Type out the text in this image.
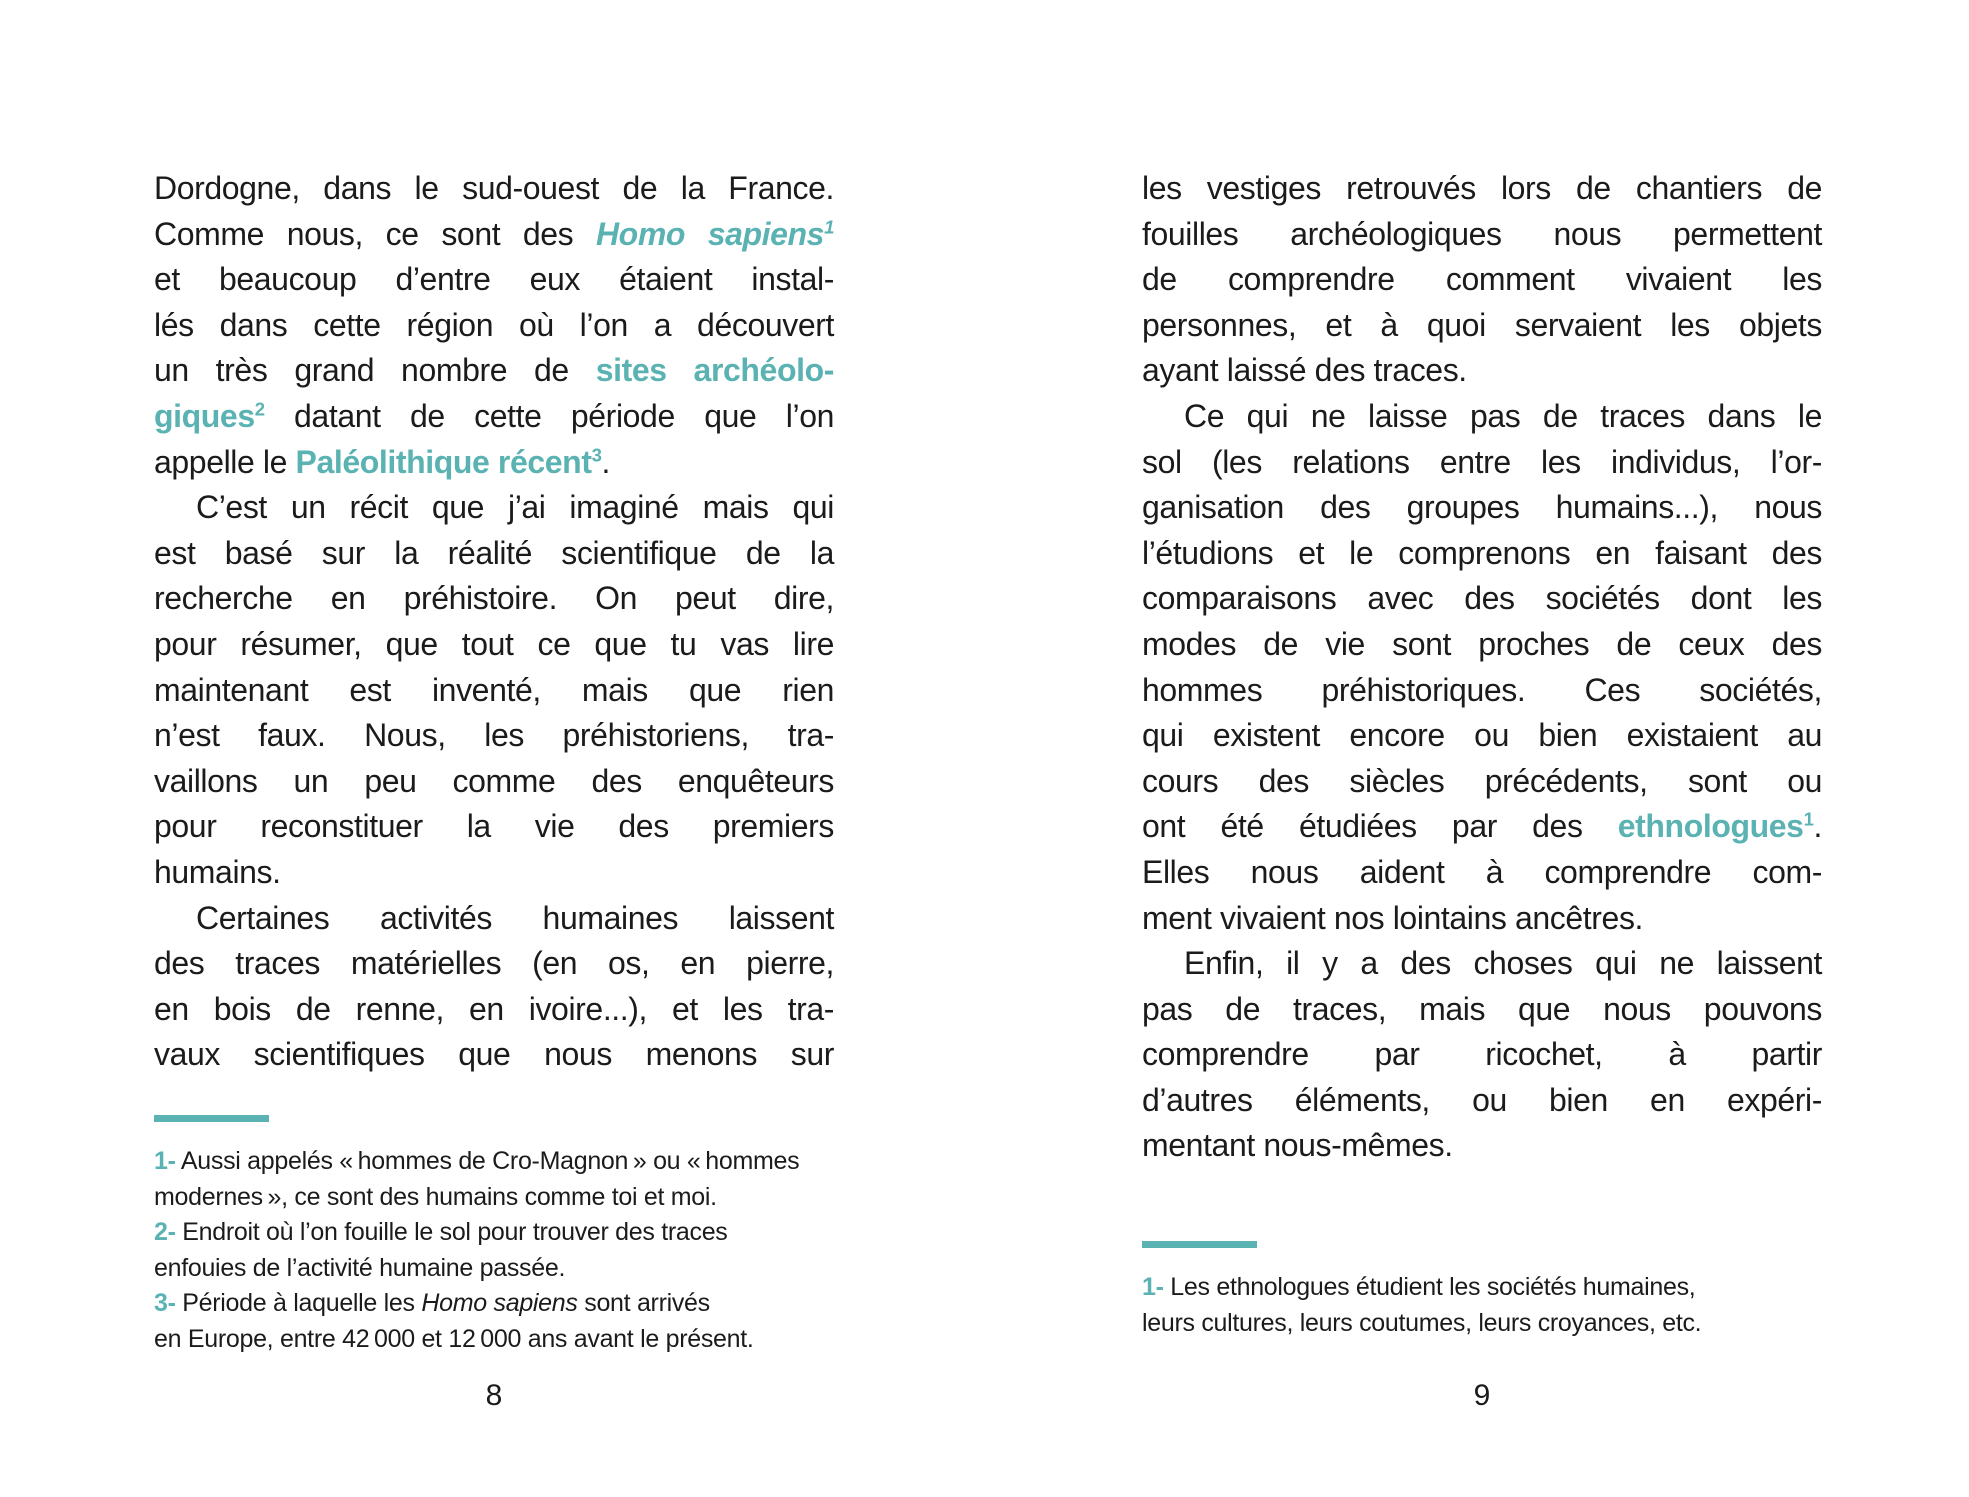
Dordogne, dans le sud-ouest de la France.
Comme nous, ce sont des Homo sapiens$^1$
et beaucoup d’entre eux étaient instal-
lés dans cette région où l’on a découvert
un très grand nombre de sites archéolo-
giques$^2$ datant de cette période que l’on
appelle le Paléolithique récent$^3$.
C’est un récit que j’ai imaginé mais qui
est basé sur la réalité scientifique de la
recherche en préhistoire. On peut dire,
pour résumer, que tout ce que tu vas lire
maintenant est inventé, mais que rien
n’est faux. Nous, les préhistoriens, tra-
vaillons un peu comme des enquêteurs
pour reconstituer la vie des premiers
humains.
Certaines activités humaines laissent
des traces matérielles (en os, en pierre,
en bois de renne, en ivoire...), et les tra-
vaux scientifiques que nous menons sur
1- Aussi appelés « hommes de Cro-Magnon » ou « hommes
modernes », ce sont des humains comme toi et moi.
2- Endroit où l’on fouille le sol pour trouver des traces
enfouies de l’activité humaine passée.
3- Période à laquelle les Homo sapiens sont arrivés
en Europe, entre 42 000 et 12 000 ans avant le présent.
8
les vestiges retrouvés lors de chantiers de
fouilles archéologiques nous permettent
de comprendre comment vivaient les
personnes, et à quoi servaient les objets
ayant laissé des traces.
Ce qui ne laisse pas de traces dans le
sol (les relations entre les individus, l’or-
ganisation des groupes humains...), nous
l’étudions et le comprenons en faisant des
comparaisons avec des sociétés dont les
modes de vie sont proches de ceux des
hommes préhistoriques. Ces sociétés,
qui existent encore ou bien existaient au
cours des siècles précédents, sont ou
ont été étudiées par des ethnologues$^1$.
Elles nous aident à comprendre com-
ment vivaient nos lointains ancêtres.
Enfin, il y a des choses qui ne laissent
pas de traces, mais que nous pouvons
comprendre par ricochet, à partir
d’autres éléments, ou bien en expéri-
mentant nous-mêmes.
1- Les ethnologues étudient les sociétés humaines,
leurs cultures, leurs coutumes, leurs croyances, etc.
9
